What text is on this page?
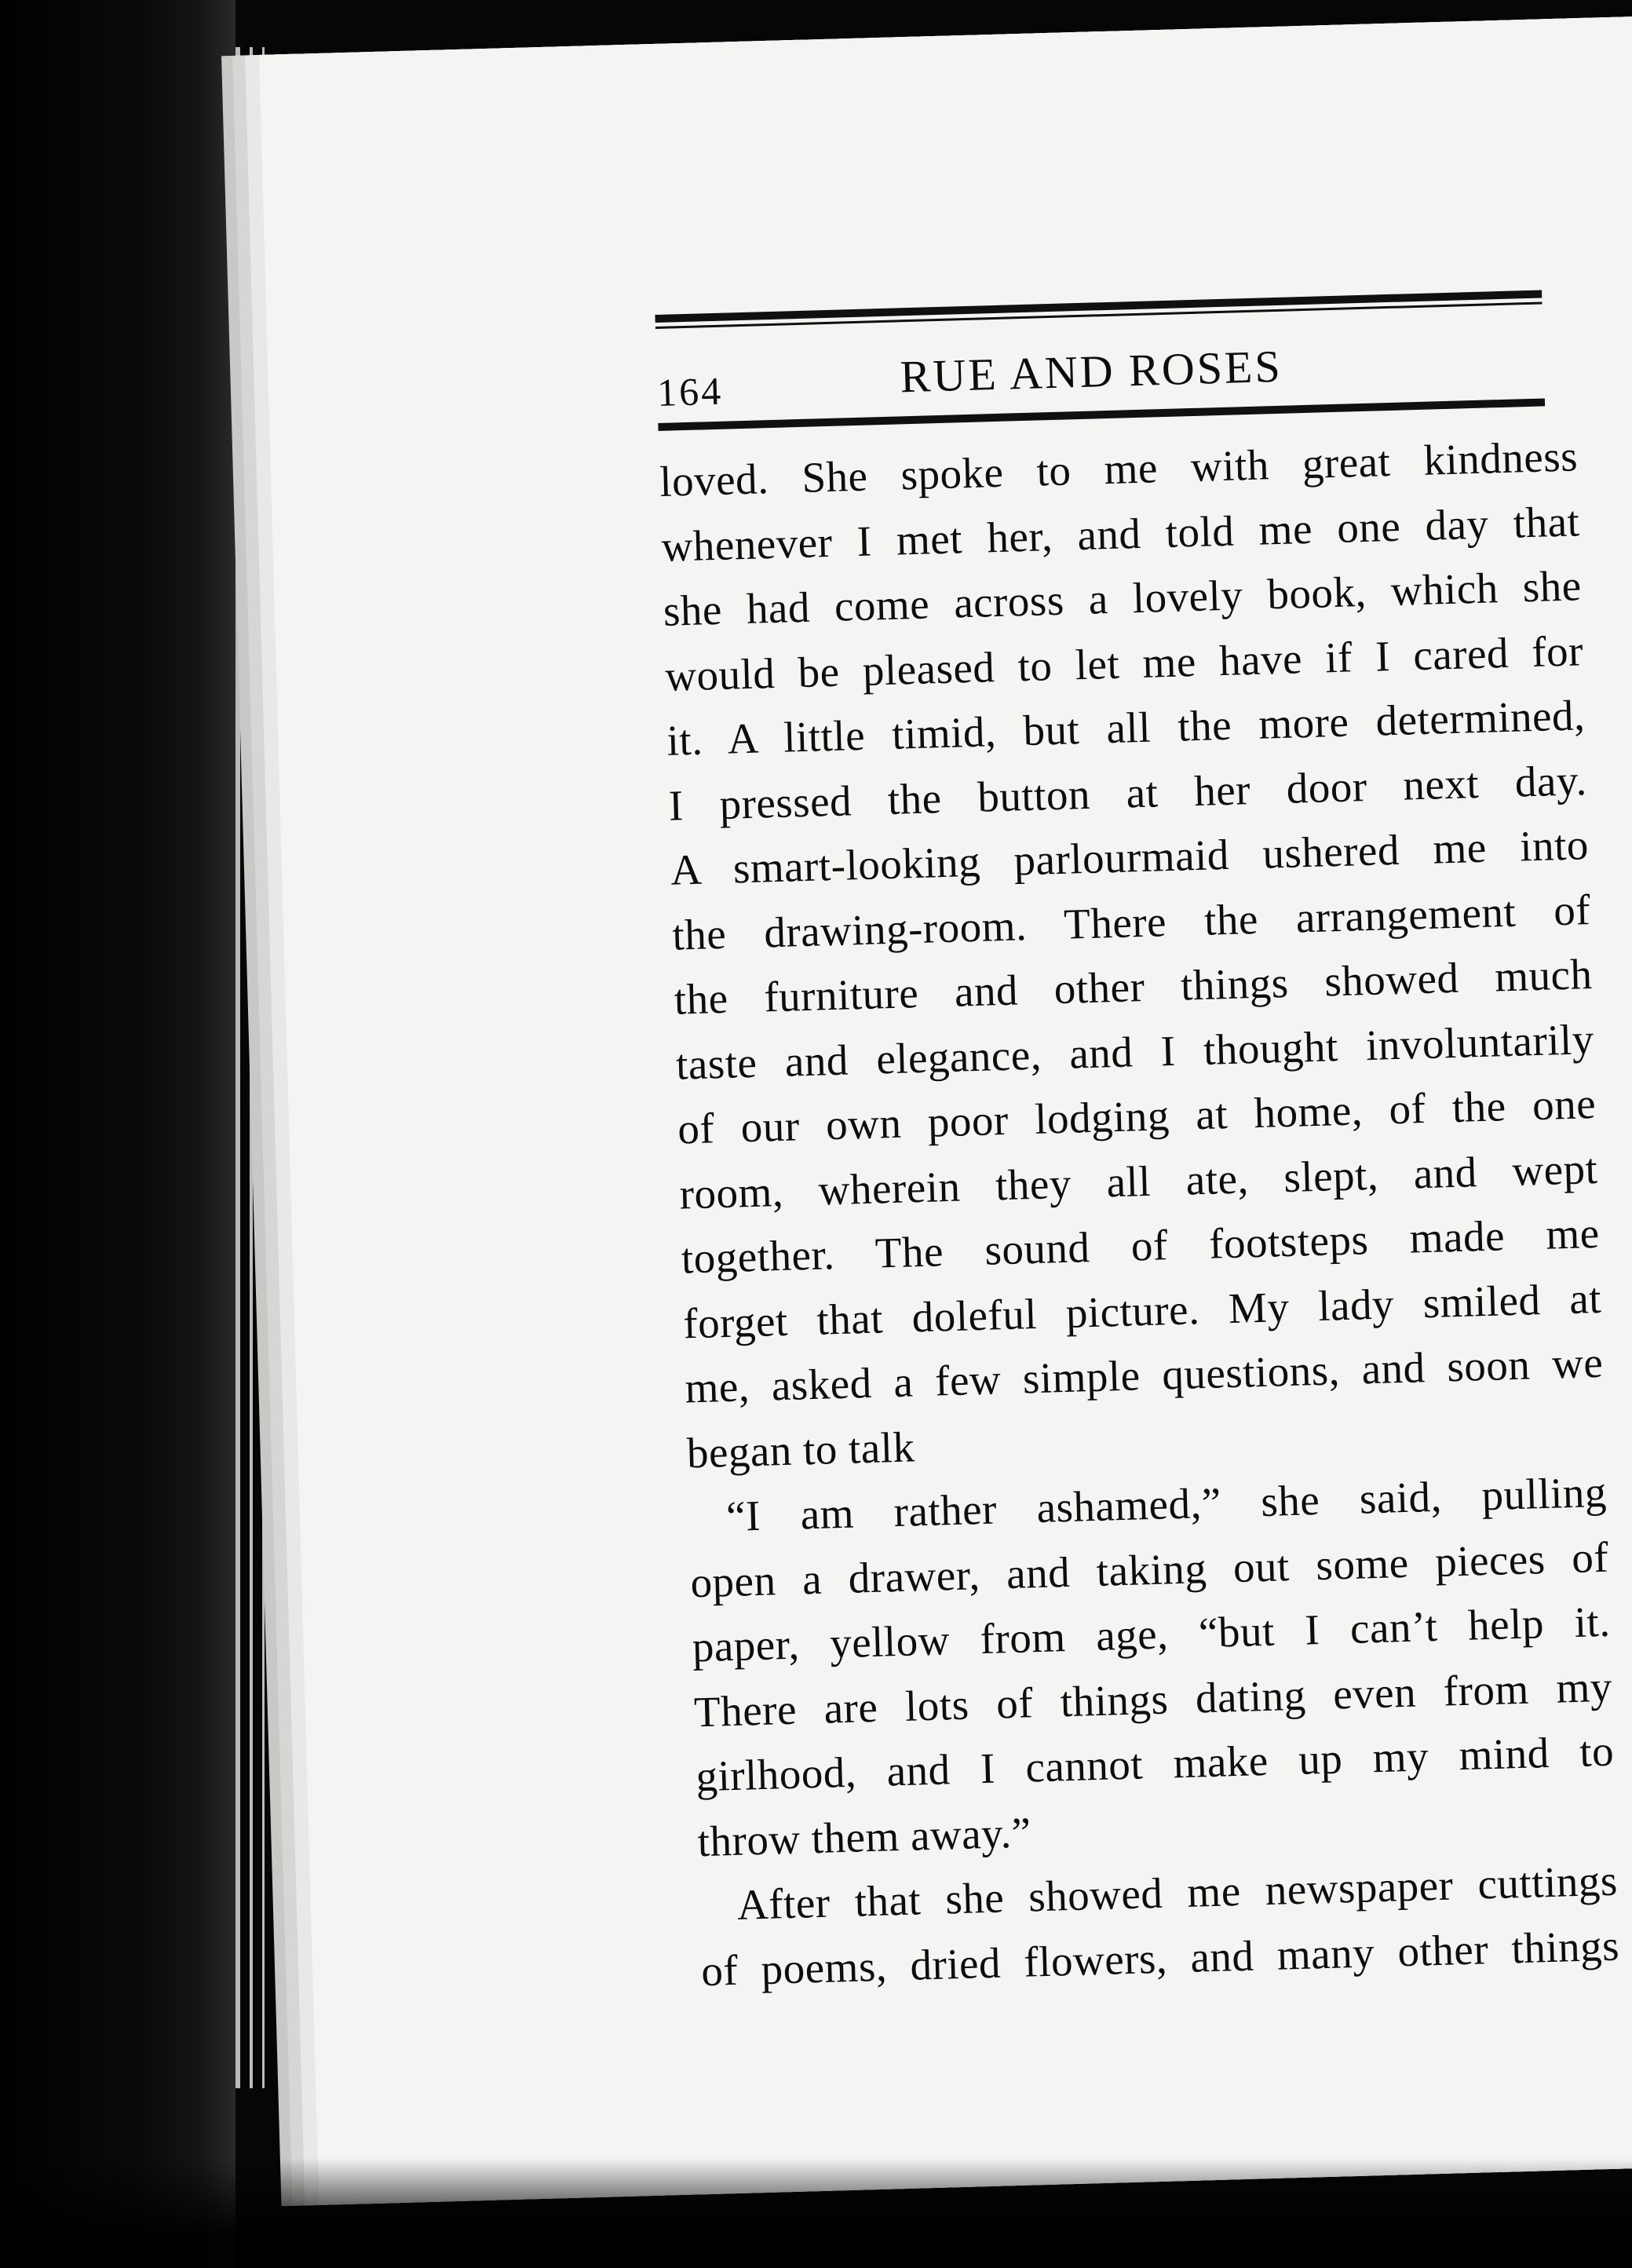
164	RUE AND ROSES
loved. She spoke to me with great kindness
whenever I met her, and told me one day that
she had come across a lovely book, which she
would be pleased to let me have if I cared for
it. A little timid, but all the more determined,
I pressed the button at her door next day.
A smart-looking parlourmaid ushered me into
the drawing-room. There the arrangement of
the furniture and other things showed much
taste and elegance, and I thought involuntarily
of our own poor lodging at home, of the one
room, wherein they all ate, slept, and wept
together. The sound of footsteps made me
forget that doleful picture. My lady smiled at
me, asked a few simple questions, and soon we
began to talk
“I am rather ashamed,” she said, pulling
open a drawer, and taking out some pieces of
paper, yellow from age, “but I can’t help it.
There are lots of things dating even from my
girlhood, and I cannot make up my mind to
throw them away.”
After that she showed me newspaper cuttings
of poems, dried flowers, and many other things
